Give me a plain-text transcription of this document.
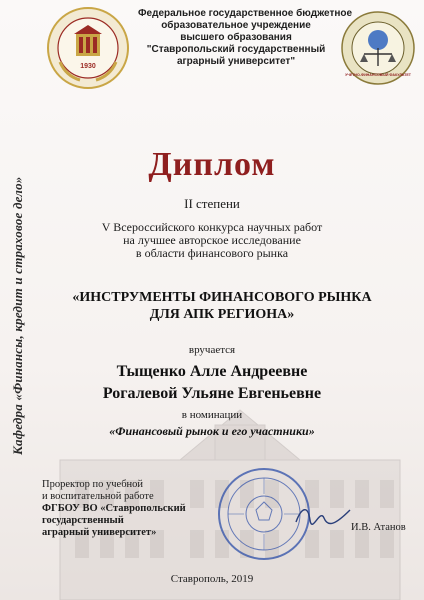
Кафедра «Финансы, кредит и страховое дело»
1930
Федеральное государственное бюджетное
образовательное учреждение
высшего образования
"Ставропольский государственный
аграрный университет"
УЧЕТНО-ФИНАНСОВЫЙ ФАКУЛЬТЕТ
Диплом
II степени
V Всероссийского конкурса научных работ
на лучшее авторское исследование
в области финансового рынка
«ИНСТРУМЕНТЫ ФИНАНСОВОГО РЫНКА
ДЛЯ АПК РЕГИОНА»
вручается
Тыщенко Алле Андреевне
Рогалевой Ульяне Евгеньевне
в номинации
«Финансовый рынок и его участники»
Проректор по учебной
и воспитательной работе
ФГБОУ ВО «Ставропольский государственный
аграрный университет»	И.В. Атанов
Ставрополь, 2019
